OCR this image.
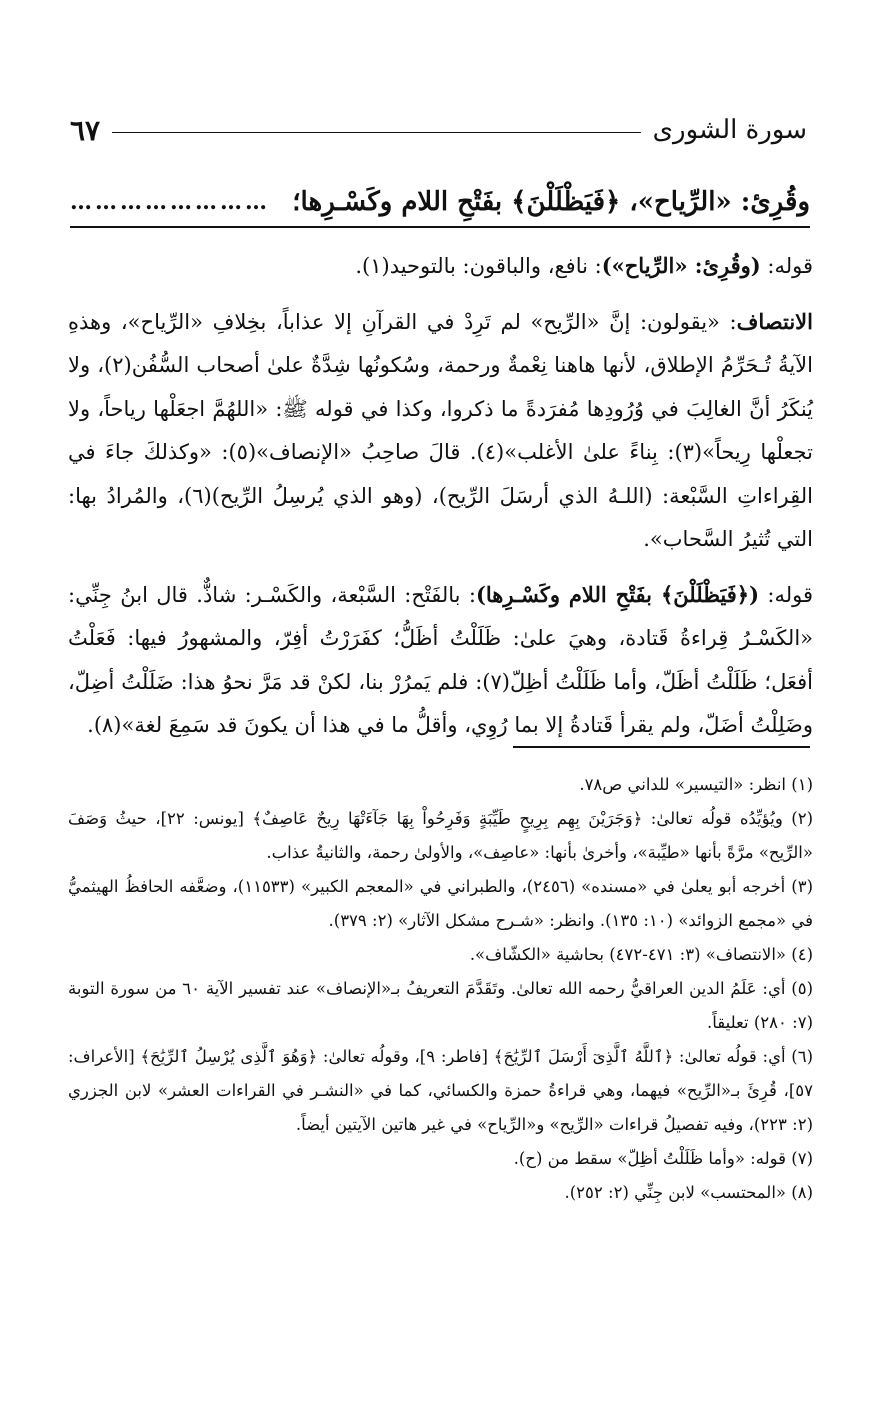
سورة الشورى
٦٧
وقُرِئ: «الرِّياح»، ﴿فَيَظْلَلْنَ﴾ بفَتْحِ اللام وكَسْـرِها؛
……………………

قوله: (وقُرِئ: «الرِّياح»): نافع، والباقون: بالتوحيد(١).

الانتصاف: «يقولون: إنَّ «الرِّيح» لم تَرِدْ في القرآنِ إلا عذاباً، بخِلافِ «الرِّياح»، وهذهِ الآيةُ تُـحَرِّمُ الإطلاق، لأنها هاهنا نِعْمةٌ ورحمة، وسُكونُها شِدَّةٌ علىٰ أصحاب السُّفُن(٢)، ولا يُنكَرُ أنَّ الغالِبَ في وُرُودِها مُفرَدةً ما ذكروا، وكذا في قوله ﷺ: «اللهُمَّ اجعَلْها رياحاً، ولا تجعلْها رِيحاً»(٣): بِناءً علىٰ الأغلب»(٤). قالَ صاحِبُ «الإنصاف»(٥): «وكذلكَ جاءَ في القِراءاتِ السَّبْعة: (اللـهُ الذي أرسَلَ الرِّيح)، (وهو الذي يُرسِلُ الرِّيح)(٦)، والمُرادُ بها: التي تُثيرُ السَّحاب».

قوله: (﴿فَيَظْلَلْنَ﴾ بفَتْحِ اللام وكَسْـرِها): بالفَتْح: السَّبْعة، والكَسْـر: شاذٌّ. قال ابنُ جِنِّي: «الكَسْـرُ قِراءةُ قَتادة، وهيَ علىٰ: ظَلَلْتُ أظَلُّ؛ كفَرَرْتُ أفِرّ، والمشهورُ فيها: فَعَلْتُ أفعَل؛ ظَلَلْتُ أظَلّ، وأما ظَلَلْتُ أظِلّ(٧): فلم يَمرُرْ بنا، لكنْ قد مَرَّ نحوُ هذا: ضَلَلْتُ أضِلّ، وضَلِلْتُ أضَلّ، ولم يقرأ قَتادةُ إلا بما رُوِي، وأقلُّ ما في هذا أن يكونَ قد سَمِعَ لغة»(٨).

(١) انظر: «التيسير» للداني ص٧٨.

(٢) ويُؤيِّدُه قولُه تعالىٰ: ﴿وَجَرَيْنَ بِهِم بِرِيحٍ طَيِّبَةٍ وَفَرِحُواْ بِهَا جَآءَتْهَا رِيحٌ عَاصِفٌ﴾ [يونس: ٢٢]، حيثُ وَصَفَ «الرِّيح» مرَّةً بأنها «طيِّبة»، وأخرىٰ بأنها: «عاصِف»، والأولىٰ رحمة، والثانيةُ عذاب.

(٣) أخرجه أبو يعلىٰ في «مسنده» (٢٤٥٦)، والطبراني في «المعجم الكبير» (١١٥٣٣)، وضعَّفه الحافظُ الهيثميُّ في «مجمع الزوائد» (١٠: ١٣٥). وانظر: «شـرح مشكل الآثار» (٢: ٣٧٩).

(٤) «الانتصاف» (٣: ٤٧١-٤٧٢) بحاشية «الكشّاف».

(٥) أي: عَلَمُ الدين العراقيُّ رحمه الله تعالىٰ. وتَقَدَّمَ التعريفُ بـ«الإنصاف» عند تفسير الآية ٦٠ من سورة التوبة (٧: ٢٨٠) تعليقاً.

(٦) أي: قولُه تعالىٰ: ﴿ٱللَّهُ ٱلَّذِىٓ أَرْسَلَ ٱلرِّيَٰحَ﴾ [فاطر: ٩]، وقولُه تعالىٰ: ﴿وَهُوَ ٱلَّذِى يُرْسِلُ ٱلرِّيَٰحَ﴾ [الأعراف: ٥٧]، قُرِئَ بـ«الرِّيح» فيهما، وهي قراءةُ حمزة والكسائي، كما في «النشـر في القراءات العشر» لابن الجزري (٢: ٢٢٣)، وفيه تفصيلُ قراءات «الرِّيح» و«الرِّياح» في غير هاتين الآيتين أيضاً.

(٧) قوله: «وأما ظَلَلْتُ أظِلّ» سقط من (ح).

(٨) «المحتسب» لابن جِنِّي (٢: ٢٥٢).
